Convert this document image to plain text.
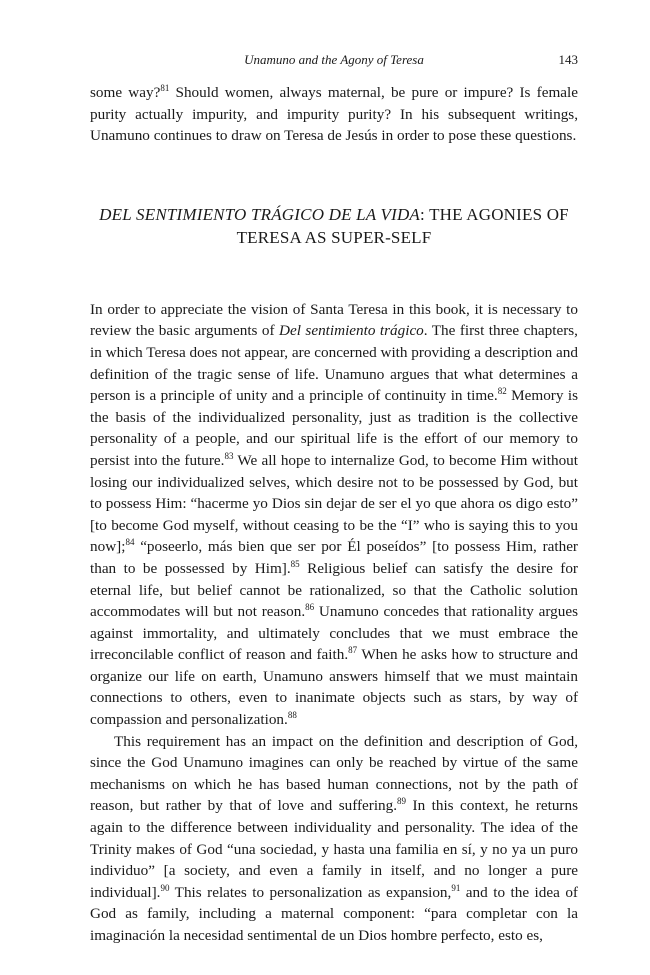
Unamuno and the Agony of Teresa	143

some way?$^{81}$ Should women, always maternal, be pure or impure? Is female purity actually impurity, and impurity purity? In his subsequent writings, Unamuno continues to draw on Teresa de Jesús in order to pose these questions.

DEL SENTIMIENTO TRÁGICO DE LA VIDA: THE AGONIES OF TERESA AS SUPER-SELF

In order to appreciate the vision of Santa Teresa in this book, it is necessary to review the basic arguments of Del sentimiento trágico. The first three chapters, in which Teresa does not appear, are concerned with providing a description and definition of the tragic sense of life. Unamuno argues that what determines a person is a principle of unity and a principle of continuity in time.$^{82}$ Memory is the basis of the individualized personality, just as tradition is the collective personality of a people, and our spiritual life is the effort of our memory to persist into the future.$^{83}$ We all hope to internalize God, to become Him without losing our individualized selves, which desire not to be possessed by God, but to possess Him: “hacerme yo Dios sin dejar de ser el yo que ahora os digo esto” [to become God myself, without ceasing to be the “I” who is saying this to you now];$^{84}$ “poseerlo, más bien que ser por Él poseídos” [to possess Him, rather than to be possessed by Him].$^{85}$ Religious belief can satisfy the desire for eternal life, but belief cannot be rationalized, so that the Catholic solution accommodates will but not reason.$^{86}$ Unamuno concedes that rationality argues against immortality, and ultimately concludes that we must embrace the irreconcilable conflict of reason and faith.$^{87}$ When he asks how to structure and organize our life on earth, Unamuno answers himself that we must maintain connections to others, even to inanimate objects such as stars, by way of compassion and personalization.$^{88}$

This requirement has an impact on the definition and description of God, since the God Unamuno imagines can only be reached by virtue of the same mechanisms on which he has based human connections, not by the path of reason, but rather by that of love and suffering.$^{89}$ In this context, he returns again to the difference between individuality and personality. The idea of the Trinity makes of God “una sociedad, y hasta una familia en sí, y no ya un puro individuo” [a society, and even a family in itself, and no longer a pure individual].$^{90}$ This relates to personalization as expansion,$^{91}$ and to the idea of God as family, including a maternal component: “para completar con la imaginación la necesidad sentimental de un Dios hombre perfecto, esto es,
